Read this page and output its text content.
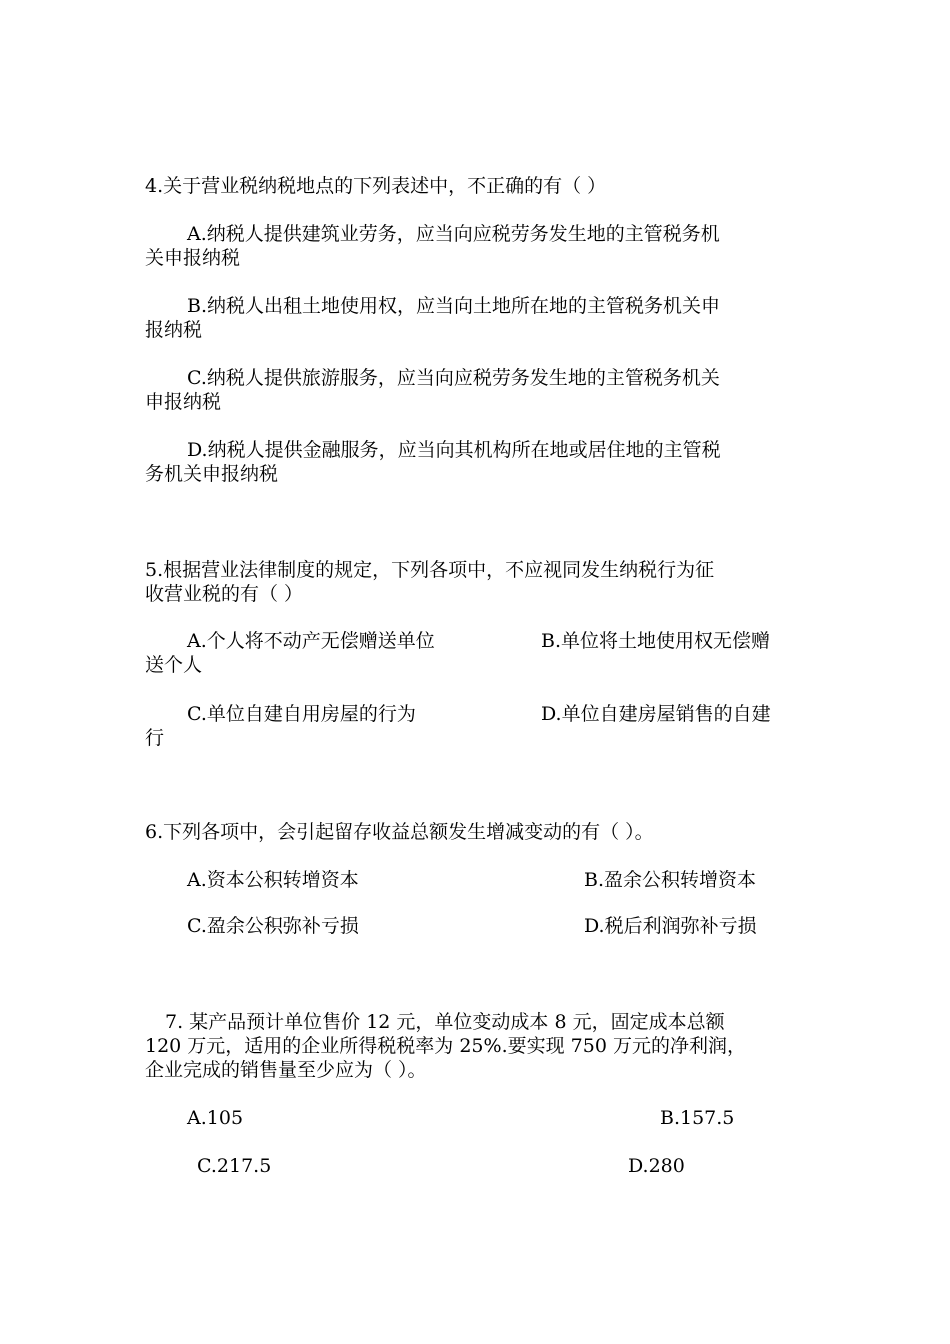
4.关于营业税纳税地点的下列表述中，不正确的有（ ）
A.纳税人提供建筑业劳务，应当向应税劳务发生地的主管税务机
关申报纳税
B.纳税人出租土地使用权，应当向土地所在地的主管税务机关申
报纳税
C.纳税人提供旅游服务，应当向应税劳务发生地的主管税务机关
申报纳税
D.纳税人提供金融服务，应当向其机构所在地或居住地的主管税
务机关申报纳税
5.根据营业法律制度的规定，下列各项中，不应视同发生纳税行为征
收营业税的有（ ）
A.个人将不动产无偿赠送单位	B.单位将土地使用权无偿赠
送个人
C.单位自建自用房屋的行为	D.单位自建房屋销售的自建
行
6.下列各项中，会引起留存收益总额发生增减变动的有（ ）。
A.资本公积转增资本	B.盈余公积转增资本
C.盈余公积弥补亏损	D.税后利润弥补亏损
7. 某产品预计单位售价 12 元，单位变动成本 8 元，固定成本总额
120 万元，适用的企业所得税税率为 25%.要实现 750 万元的净利润，
企业完成的销售量至少应为（ ）。
A.105	B.157.5
C.217.5	D.280
